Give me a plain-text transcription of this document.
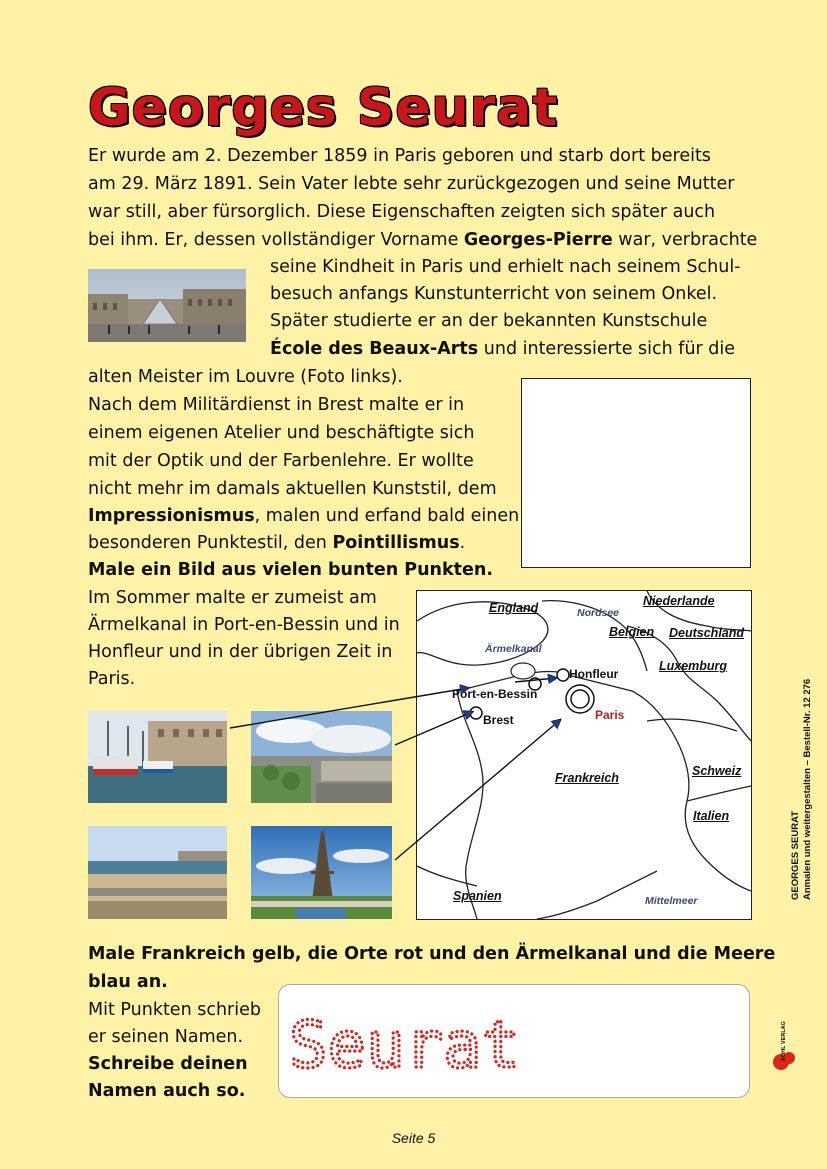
Georges Seurat
Er wurde am 2. Dezember 1859 in Paris geboren und starb dort bereits
am 29. März 1891. Sein Vater lebte sehr zurückgezogen und seine Mutter
war still, aber fürsorglich. Diese Eigenschaften zeigten sich später auch
bei ihm. Er, dessen vollständiger Vorname Georges-Pierre war, verbrachte
seine Kindheit in Paris und erhielt nach seinem Schul-
besuch anfangs Kunstunterricht von seinem Onkel.
Später studierte er an der bekannten Kunstschule
École des Beaux-Arts und interessierte sich für die
alten Meister im Louvre (Foto links).
Nach dem Militärdienst in Brest malte er in
einem eigenen Atelier und beschäftigte sich
mit der Optik und der Farbenlehre. Er wollte
nicht mehr im damals aktuellen Kunststil, dem
Impressionismus, malen und erfand bald einen
besonderen Punktestil, den Pointillismus.
Male ein Bild aus vielen bunten Punkten.
Im Sommer malte er zumeist am
Ärmelkanal in Port-en-Bessin und in
Honfleur und in der übrigen Zeit in
Paris.
Male Frankreich gelb, die Orte rot und den Ärmelkanal und die Meere
blau an.
Mit Punkten schrieb
er seinen Namen.
Schreibe deinen
Namen auch so.
England	Nordsee
Niederlande
Belgien Deutschland
Ärmelkanal
Luxemburg
Honfleur
Port-en-Bessin
Brest	Paris
Frankreich	Schweiz
Italien
Spanien	Mittelmeer
Seurat
GEORGES SEURAT Anmalen und weitergestalten – Bestell-Nr. 12 276
KOHL VERLAG
Seite 5
